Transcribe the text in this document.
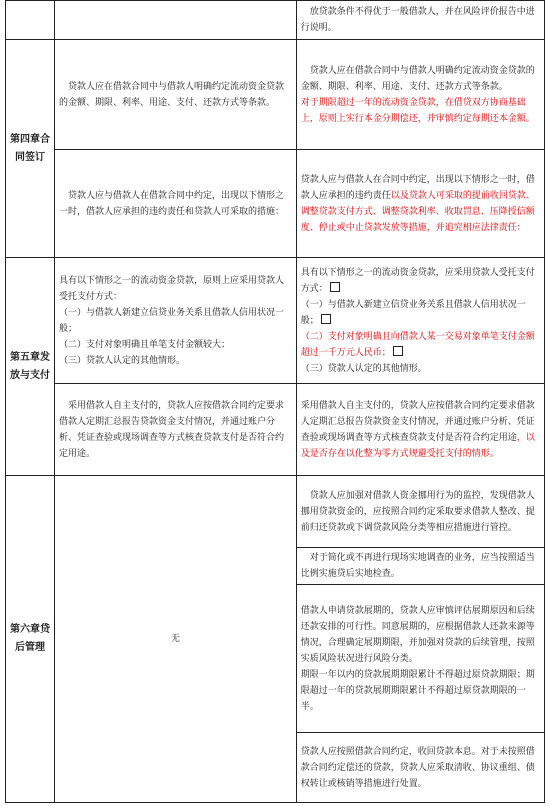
		放贷款条件不得优于一般借款人，并在风险评价报告中进行说明。

第四章合同签订	贷款人应在借款合同中与借款人明确约定流动资金贷款的金额、期限、利率、用途、支付、还款方式等条款。	贷款人应在借款合同中与借款人明确约定流动资金贷款的金额、期限、利率、用途、支付、还款方式等条款。
对于期限超过一年的流动资金贷款，在借贷双方协商基础上，原则上实行本金分期偿还，并审慎约定每期还本金额。

	贷款人应与借款人在借款合同中约定，出现以下情形之一时，借款人应承担的违约责任和贷款人可采取的措施：	贷款人应与借款人在合同中约定，出现以下情形之一时，借款人应承担的违约责任以及贷款人可采取的提前收回贷款、调整贷款支付方式、调整贷款利率、收取罚息、压降授信额度、停止或中止贷款发放等措施，并追究相应法律责任：
第五章发放与支付	具有以下情形之一的流动资金贷款，原则上应采用贷款人受托支付方式：
（一）与借款人新建立信贷业务关系且借款人信用状况一般；
（二）支付对象明确且单笔支付金额较大；
（三）贷款人认定的其他情形。	具有以下情形之一的流动资金贷款，应采用贷款人受托支付方式：
（一）与借款人新建立信贷业务关系且借款人信用状况一般；
（二）支付对象明确且向借款人某一交易对象单笔支付金额超过一千万元人民币；
（三）贷款人认定的其他情形。

	采用借款人自主支付的，贷款人应按借款合同约定要求借款人定期汇总报告贷款资金支付情况，并通过账户分析、凭证查验或现场调查等方式核查贷款支付是否符合约定用途。	采用借款人自主支付的，贷款人应按借款合同约定要求借款人定期汇总报告贷款资金支付情况，并通过账户分析、凭证查验或现场调查等方式核查贷款支付是否符合约定用途，以及是否存在以化整为零方式规避受托支付的情形。
第六章贷后管理	无	贷款人应加强对借款人资金挪用行为的监控，发现借款人挪用贷款资金的，应按照合同约定采取要求借款人整改、提前归还贷款或下调贷款风险分类等相应措施进行管控。

		对于简化或不再进行现场实地调查的业务，应当按照适当比例实施贷后实地检查。

		借款人申请贷款展期的，贷款人应审慎评估展期原因和后续还款安排的可行性。同意展期的，应根据借款人还款来源等情况，合理确定展期期限，并加强对贷款的后续管理，按照实质风险状况进行风险分类。
期限一年以内的贷款展期期限累计不得超过原贷款期限；期限超过一年的贷款展期期限累计不得超过原贷款期限的一半。

		贷款人应按照借款合同约定，收回贷款本息。对于未按照借款合同约定偿还的贷款，贷款人应采取清收、协议重组、债权转让或核销等措施进行处置。
